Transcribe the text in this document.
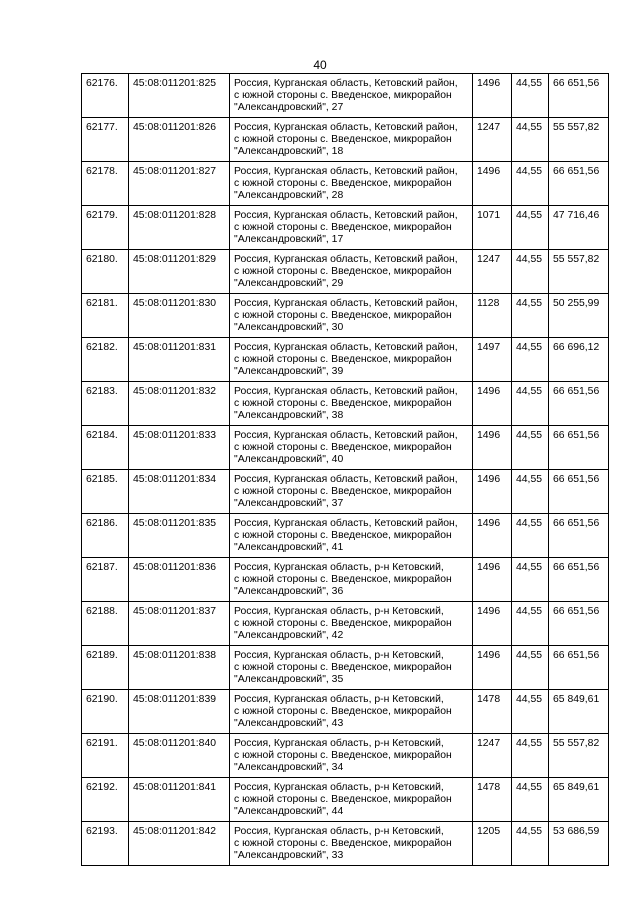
40
62176.	45:08:011201:825	Россия, Курганская область, Кетовский район,
с южной стороны с. Введенское, микрорайон
"Александровский", 27	1496	44,55	66 651,56
62177.	45:08:011201:826	Россия, Курганская область, Кетовский район,
с южной стороны с. Введенское, микрорайон
"Александровский", 18	1247	44,55	55 557,82
62178.	45:08:011201:827	Россия, Курганская область, Кетовский район,
с южной стороны с. Введенское, микрорайон
"Александровский", 28	1496	44,55	66 651,56
62179.	45:08:011201:828	Россия, Курганская область, Кетовский район,
с южной стороны с. Введенское, микрорайон
"Александровский", 17	1071	44,55	47 716,46
62180.	45:08:011201:829	Россия, Курганская область, Кетовский район,
с южной стороны с. Введенское, микрорайон
"Александровский", 29	1247	44,55	55 557,82
62181.	45:08:011201:830	Россия, Курганская область, Кетовский район,
с южной стороны с. Введенское, микрорайон
"Александровский", 30	1128	44,55	50 255,99
62182.	45:08:011201:831	Россия, Курганская область, Кетовский район,
с южной стороны с. Введенское, микрорайон
"Александровский", 39	1497	44,55	66 696,12
62183.	45:08:011201:832	Россия, Курганская область, Кетовский район,
с южной стороны с. Введенское, микрорайон
"Александровский", 38	1496	44,55	66 651,56
62184.	45:08:011201:833	Россия, Курганская область, Кетовский район,
с южной стороны с. Введенское, микрорайон
"Александровский", 40	1496	44,55	66 651,56
62185.	45:08:011201:834	Россия, Курганская область, Кетовский район,
с южной стороны с. Введенское, микрорайон
"Александровский", 37	1496	44,55	66 651,56
62186.	45:08:011201:835	Россия, Курганская область, Кетовский район,
с южной стороны с. Введенское, микрорайон
"Александровский", 41	1496	44,55	66 651,56
62187.	45:08:011201:836	Россия, Курганская область, р-н Кетовский,
с южной стороны с. Введенское, микрорайон
"Александровский", 36	1496	44,55	66 651,56
62188.	45:08:011201:837	Россия, Курганская область, р-н Кетовский,
с южной стороны с. Введенское, микрорайон
"Александровский", 42	1496	44,55	66 651,56
62189.	45:08:011201:838	Россия, Курганская область, р-н Кетовский,
с южной стороны с. Введенское, микрорайон
"Александровский", 35	1496	44,55	66 651,56
62190.	45:08:011201:839	Россия, Курганская область, р-н Кетовский,
с южной стороны с. Введенское, микрорайон
"Александровский", 43	1478	44,55	65 849,61
62191.	45:08:011201:840	Россия, Курганская область, р-н Кетовский,
с южной стороны с. Введенское, микрорайон
"Александровский", 34	1247	44,55	55 557,82
62192.	45:08:011201:841	Россия, Курганская область, р-н Кетовский,
с южной стороны с. Введенское, микрорайон
"Александровский", 44	1478	44,55	65 849,61
62193.	45:08:011201:842	Россия, Курганская область, р-н Кетовский,
с южной стороны с. Введенское, микрорайон
"Александровский", 33	1205	44,55	53 686,59
